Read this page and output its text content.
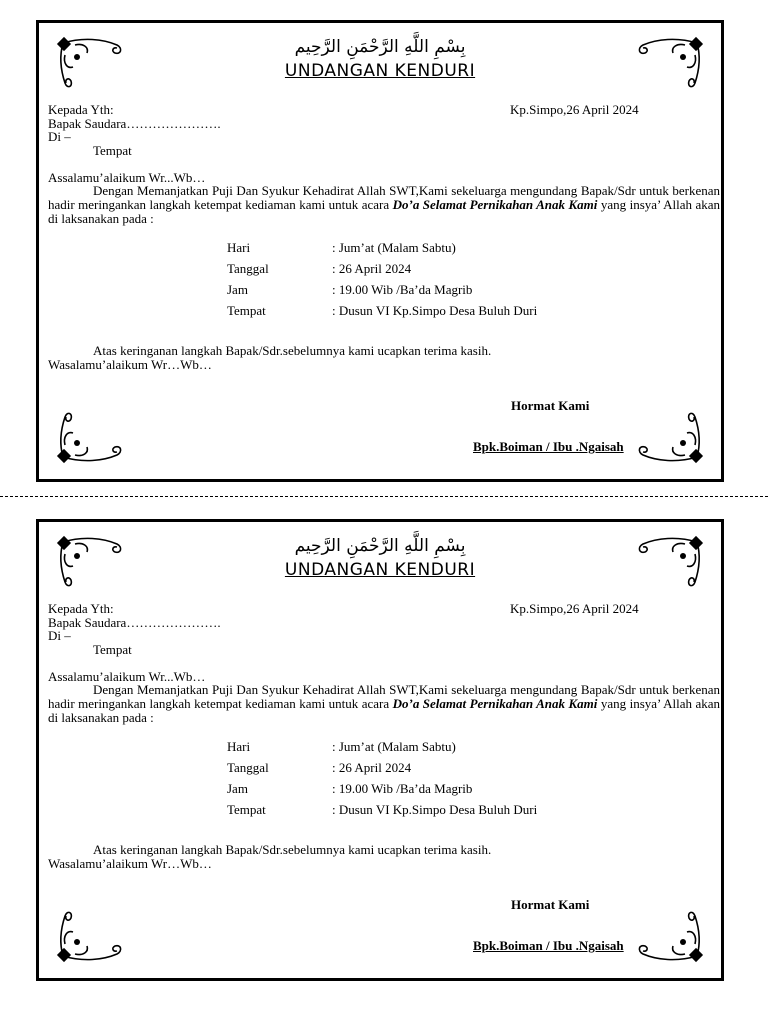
بِسْمِ اللَّهِ الرَّحْمَنِ الرَّحِيم
UNDANGAN KENDURI
Kepada Yth:	Kp.Simpo,26 April 2024
Bapak Saudara………………….
Di –
Tempat
Assalamu’alaikum Wr...Wb…
Dengan Memanjatkan Puji Dan Syukur Kehadirat Allah SWT,Kami sekeluarga mengundang Bapak/Sdr untuk berkenan hadir meringankan langkah ketempat kediaman kami untuk acara Do’a Selamat Pernikahan Anak Kami yang insya’ Allah akan di laksanakan pada :
Hari	: Jum’at (Malam Sabtu)
Tanggal	: 26 April 2024
Jam	: 19.00 Wib /Ba’da Magrib
Tempat	: Dusun VI Kp.Simpo Desa Buluh Duri
Atas keringanan langkah Bapak/Sdr.sebelumnya kami ucapkan terima kasih.
Wasalamu’alaikum Wr…Wb…
Hormat Kami
Bpk.Boiman / Ibu .Ngaisah
بِسْمِ اللَّهِ الرَّحْمَنِ الرَّحِيم
UNDANGAN KENDURI
Kepada Yth:	Kp.Simpo,26 April 2024
Bapak Saudara………………….
Di –
Tempat
Assalamu’alaikum Wr...Wb…
Dengan Memanjatkan Puji Dan Syukur Kehadirat Allah SWT,Kami sekeluarga mengundang Bapak/Sdr untuk berkenan hadir meringankan langkah ketempat kediaman kami untuk acara Do’a Selamat Pernikahan Anak Kami yang insya’ Allah akan di laksanakan pada :
Hari	: Jum’at (Malam Sabtu)
Tanggal	: 26 April 2024
Jam	: 19.00 Wib /Ba’da Magrib
Tempat	: Dusun VI Kp.Simpo Desa Buluh Duri
Atas keringanan langkah Bapak/Sdr.sebelumnya kami ucapkan terima kasih.
Wasalamu’alaikum Wr…Wb…
Hormat Kami
Bpk.Boiman / Ibu .Ngaisah
